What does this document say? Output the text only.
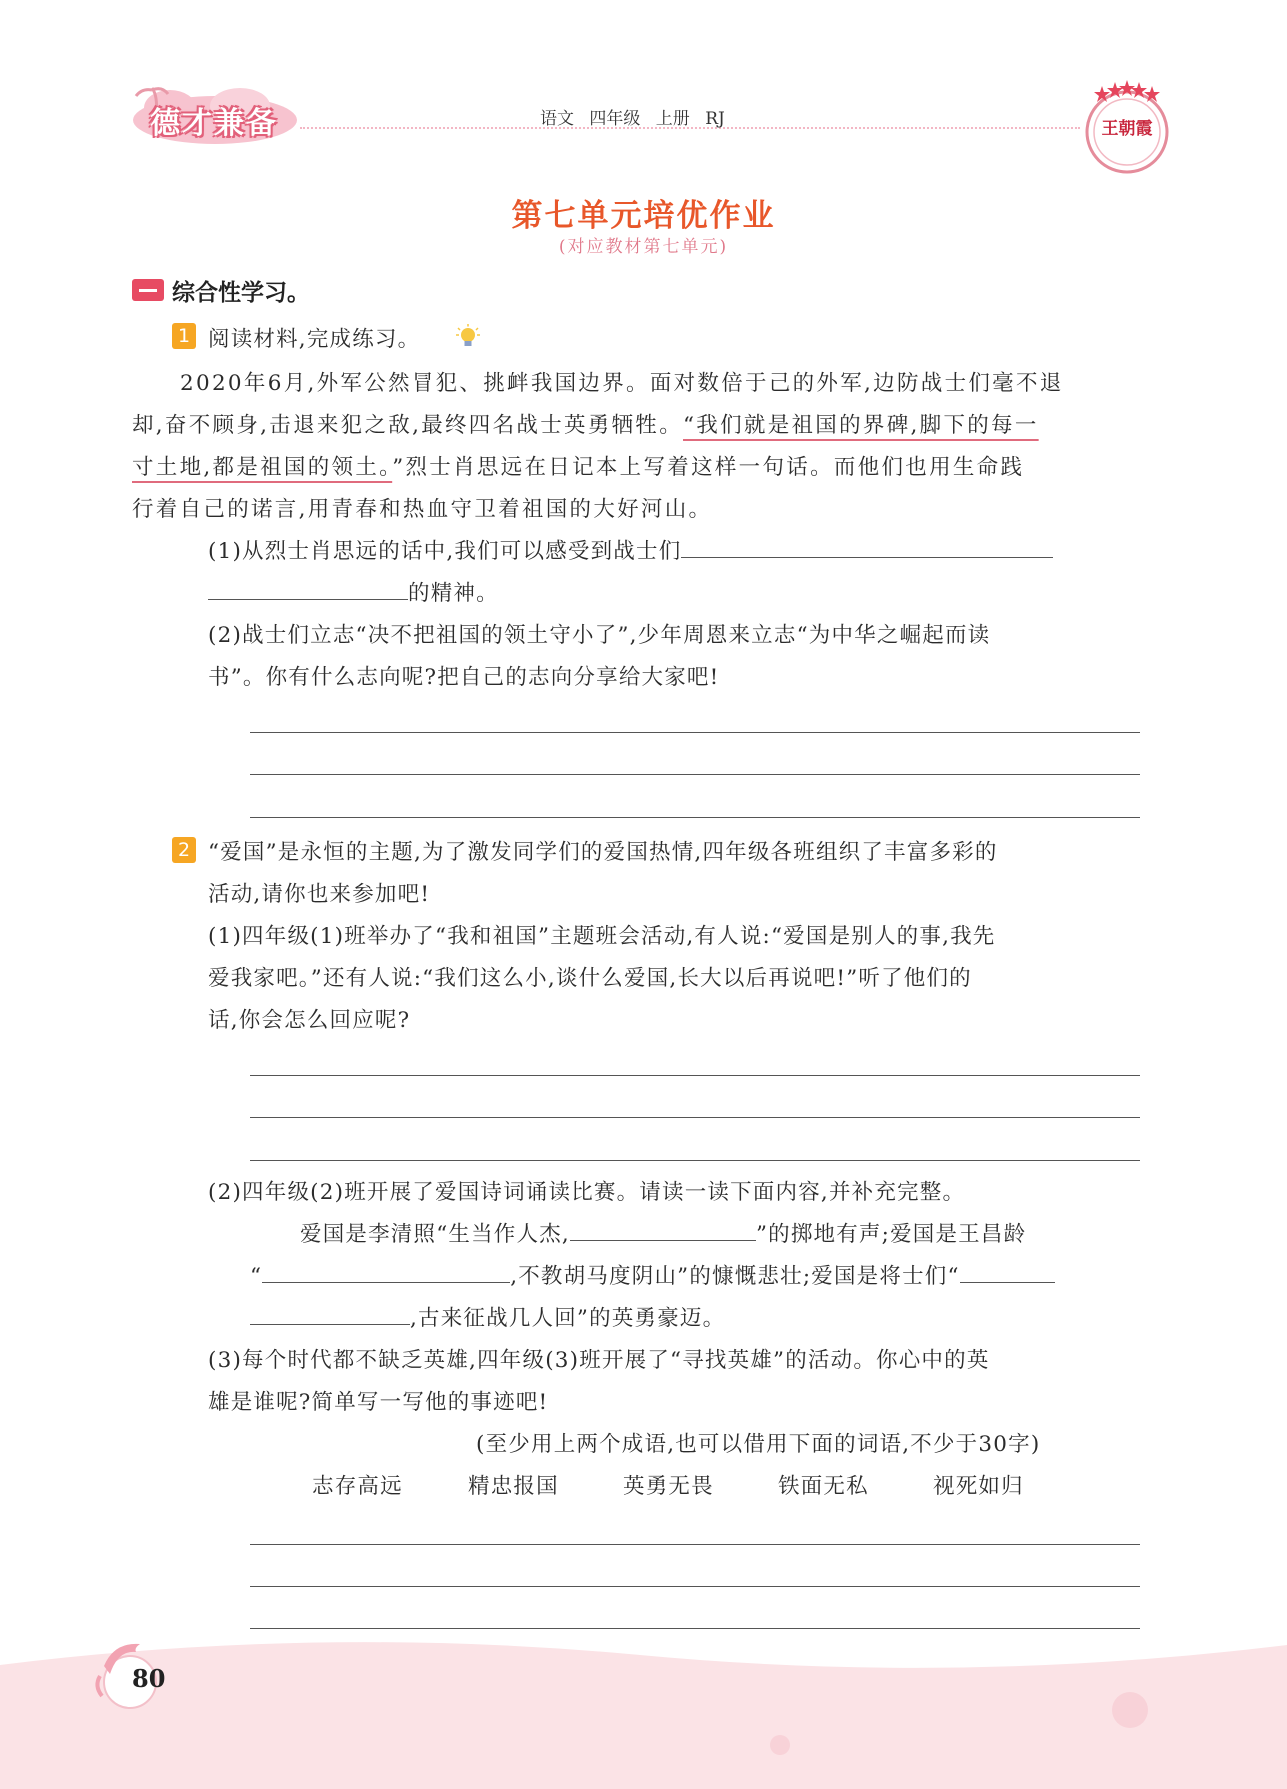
德才兼备	语文 四年级 上册 RJ	王朝霞
第七单元培优作业
(对应教材第七单元)
综合性学习。
1 阅读材料,完成练习。
2020年6月,外军公然冒犯、挑衅我国边界。面对数倍于己的外军,边防战士们毫不退
却,奋不顾身,击退来犯之敌,最终四名战士英勇牺牲。“我们就是祖国的界碑,脚下的每一
寸土地,都是祖国的领土。”烈士肖思远在日记本上写着这样一句话。而他们也用生命践
行着自己的诺言,用青春和热血守卫着祖国的大好河山。
(1)从烈士肖思远的话中,我们可以感受到战士们
的精神。
(2)战士们立志“决不把祖国的领土守小了”,少年周恩来立志“为中华之崛起而读
书”。你有什么志向呢?把自己的志向分享给大家吧!
2 “爱国”是永恒的主题,为了激发同学们的爱国热情,四年级各班组织了丰富多彩的
活动,请你也来参加吧!
(1)四年级(1)班举办了“我和祖国”主题班会活动,有人说:“爱国是别人的事,我先
爱我家吧。”还有人说:“我们这么小,谈什么爱国,长大以后再说吧!”听了他们的
话,你会怎么回应呢?
(2)四年级(2)班开展了爱国诗词诵读比赛。请读一读下面内容,并补充完整。
爱国是李清照“生当作人杰,	”的掷地有声;爱国是王昌龄
“	,不教胡马度阴山”的慷慨悲壮;爱国是将士们“
,古来征战几人回”的英勇豪迈。
(3)每个时代都不缺乏英雄,四年级(3)班开展了“寻找英雄”的活动。你心中的英
雄是谁呢?简单写一写他的事迹吧!
(至少用上两个成语,也可以借用下面的词语,不少于30字)
志存高远	精忠报国	英勇无畏	铁面无私	视死如归
80
